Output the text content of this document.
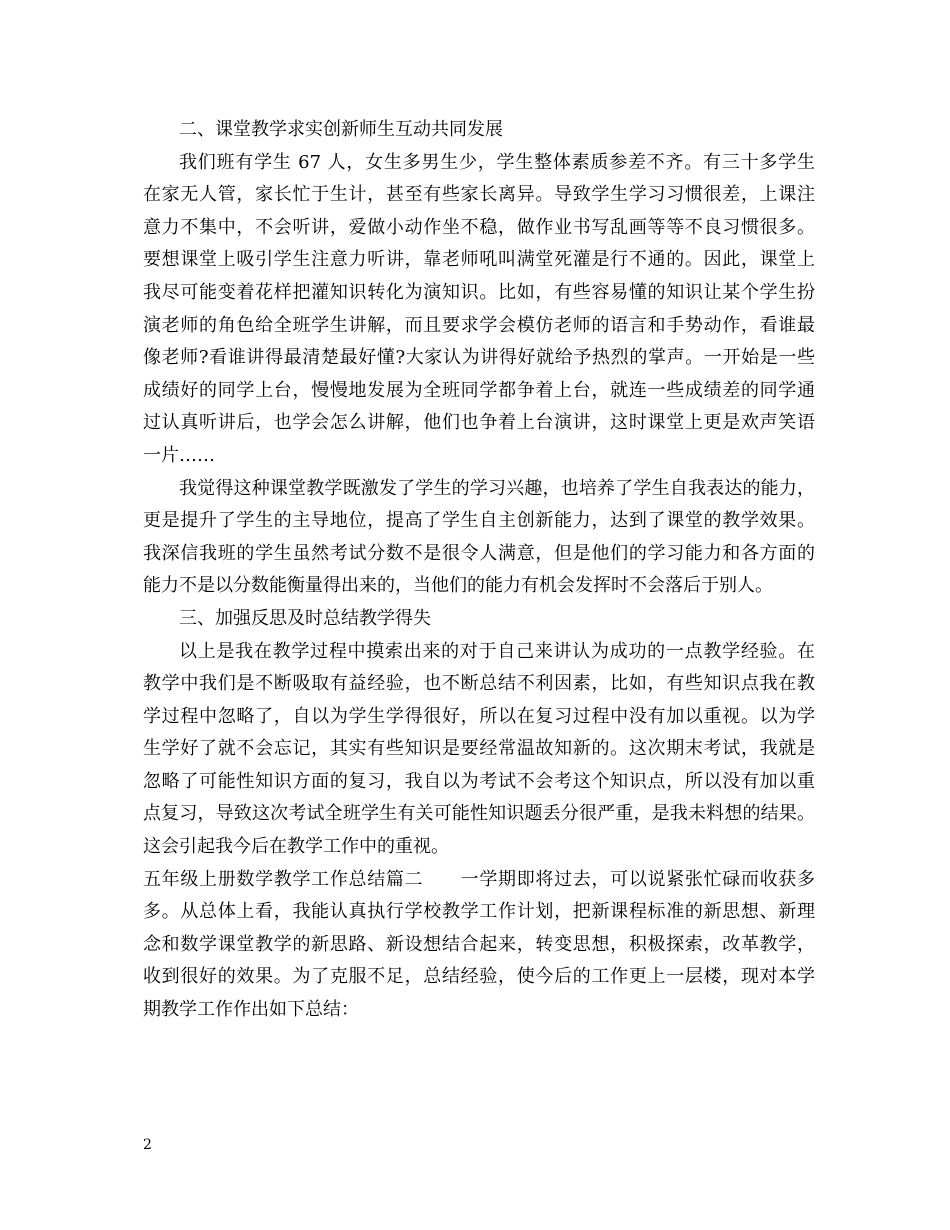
二、课堂教学求实创新师生互动共同发展
我们班有学生 67 人，女生多男生少，学生整体素质参差不齐。有三十多学生
在家无人管，家长忙于生计，甚至有些家长离异。导致学生学习习惯很差，上课注
意力不集中，不会听讲，爱做小动作坐不稳，做作业书写乱画等等不良习惯很多。
要想课堂上吸引学生注意力听讲，靠老师吼叫满堂死灌是行不通的。因此，课堂上
我尽可能变着花样把灌知识转化为演知识。比如，有些容易懂的知识让某个学生扮
演老师的角色给全班学生讲解，而且要求学会模仿老师的语言和手势动作，看谁最
像老师?看谁讲得最清楚最好懂?大家认为讲得好就给予热烈的掌声。一开始是一些
成绩好的同学上台，慢慢地发展为全班同学都争着上台，就连一些成绩差的同学通
过认真听讲后，也学会怎么讲解，他们也争着上台演讲，这时课堂上更是欢声笑语
一片……
我觉得这种课堂教学既激发了学生的学习兴趣，也培养了学生自我表达的能力，
更是提升了学生的主导地位，提高了学生自主创新能力，达到了课堂的教学效果。
我深信我班的学生虽然考试分数不是很令人满意，但是他们的学习能力和各方面的
能力不是以分数能衡量得出来的，当他们的能力有机会发挥时不会落后于别人。
三、加强反思及时总结教学得失
以上是我在教学过程中摸索出来的对于自己来讲认为成功的一点教学经验。在
教学中我们是不断吸取有益经验，也不断总结不利因素，比如，有些知识点我在教
学过程中忽略了，自以为学生学得很好，所以在复习过程中没有加以重视。以为学
生学好了就不会忘记，其实有些知识是要经常温故知新的。这次期末考试，我就是
忽略了可能性知识方面的复习，我自以为考试不会考这个知识点，所以没有加以重
点复习，导致这次考试全班学生有关可能性知识题丢分很严重，是我未料想的结果。
这会引起我今后在教学工作中的重视。
五年级上册数学教学工作总结篇二　　一学期即将过去，可以说紧张忙碌而收获多
多。从总体上看，我能认真执行学校教学工作计划，把新课程标准的新思想、新理
念和数学课堂教学的新思路、新设想结合起来，转变思想，积极探索，改革教学，
收到很好的效果。为了克服不足，总结经验，使今后的工作更上一层楼，现对本学
期教学工作作出如下总结：
2
